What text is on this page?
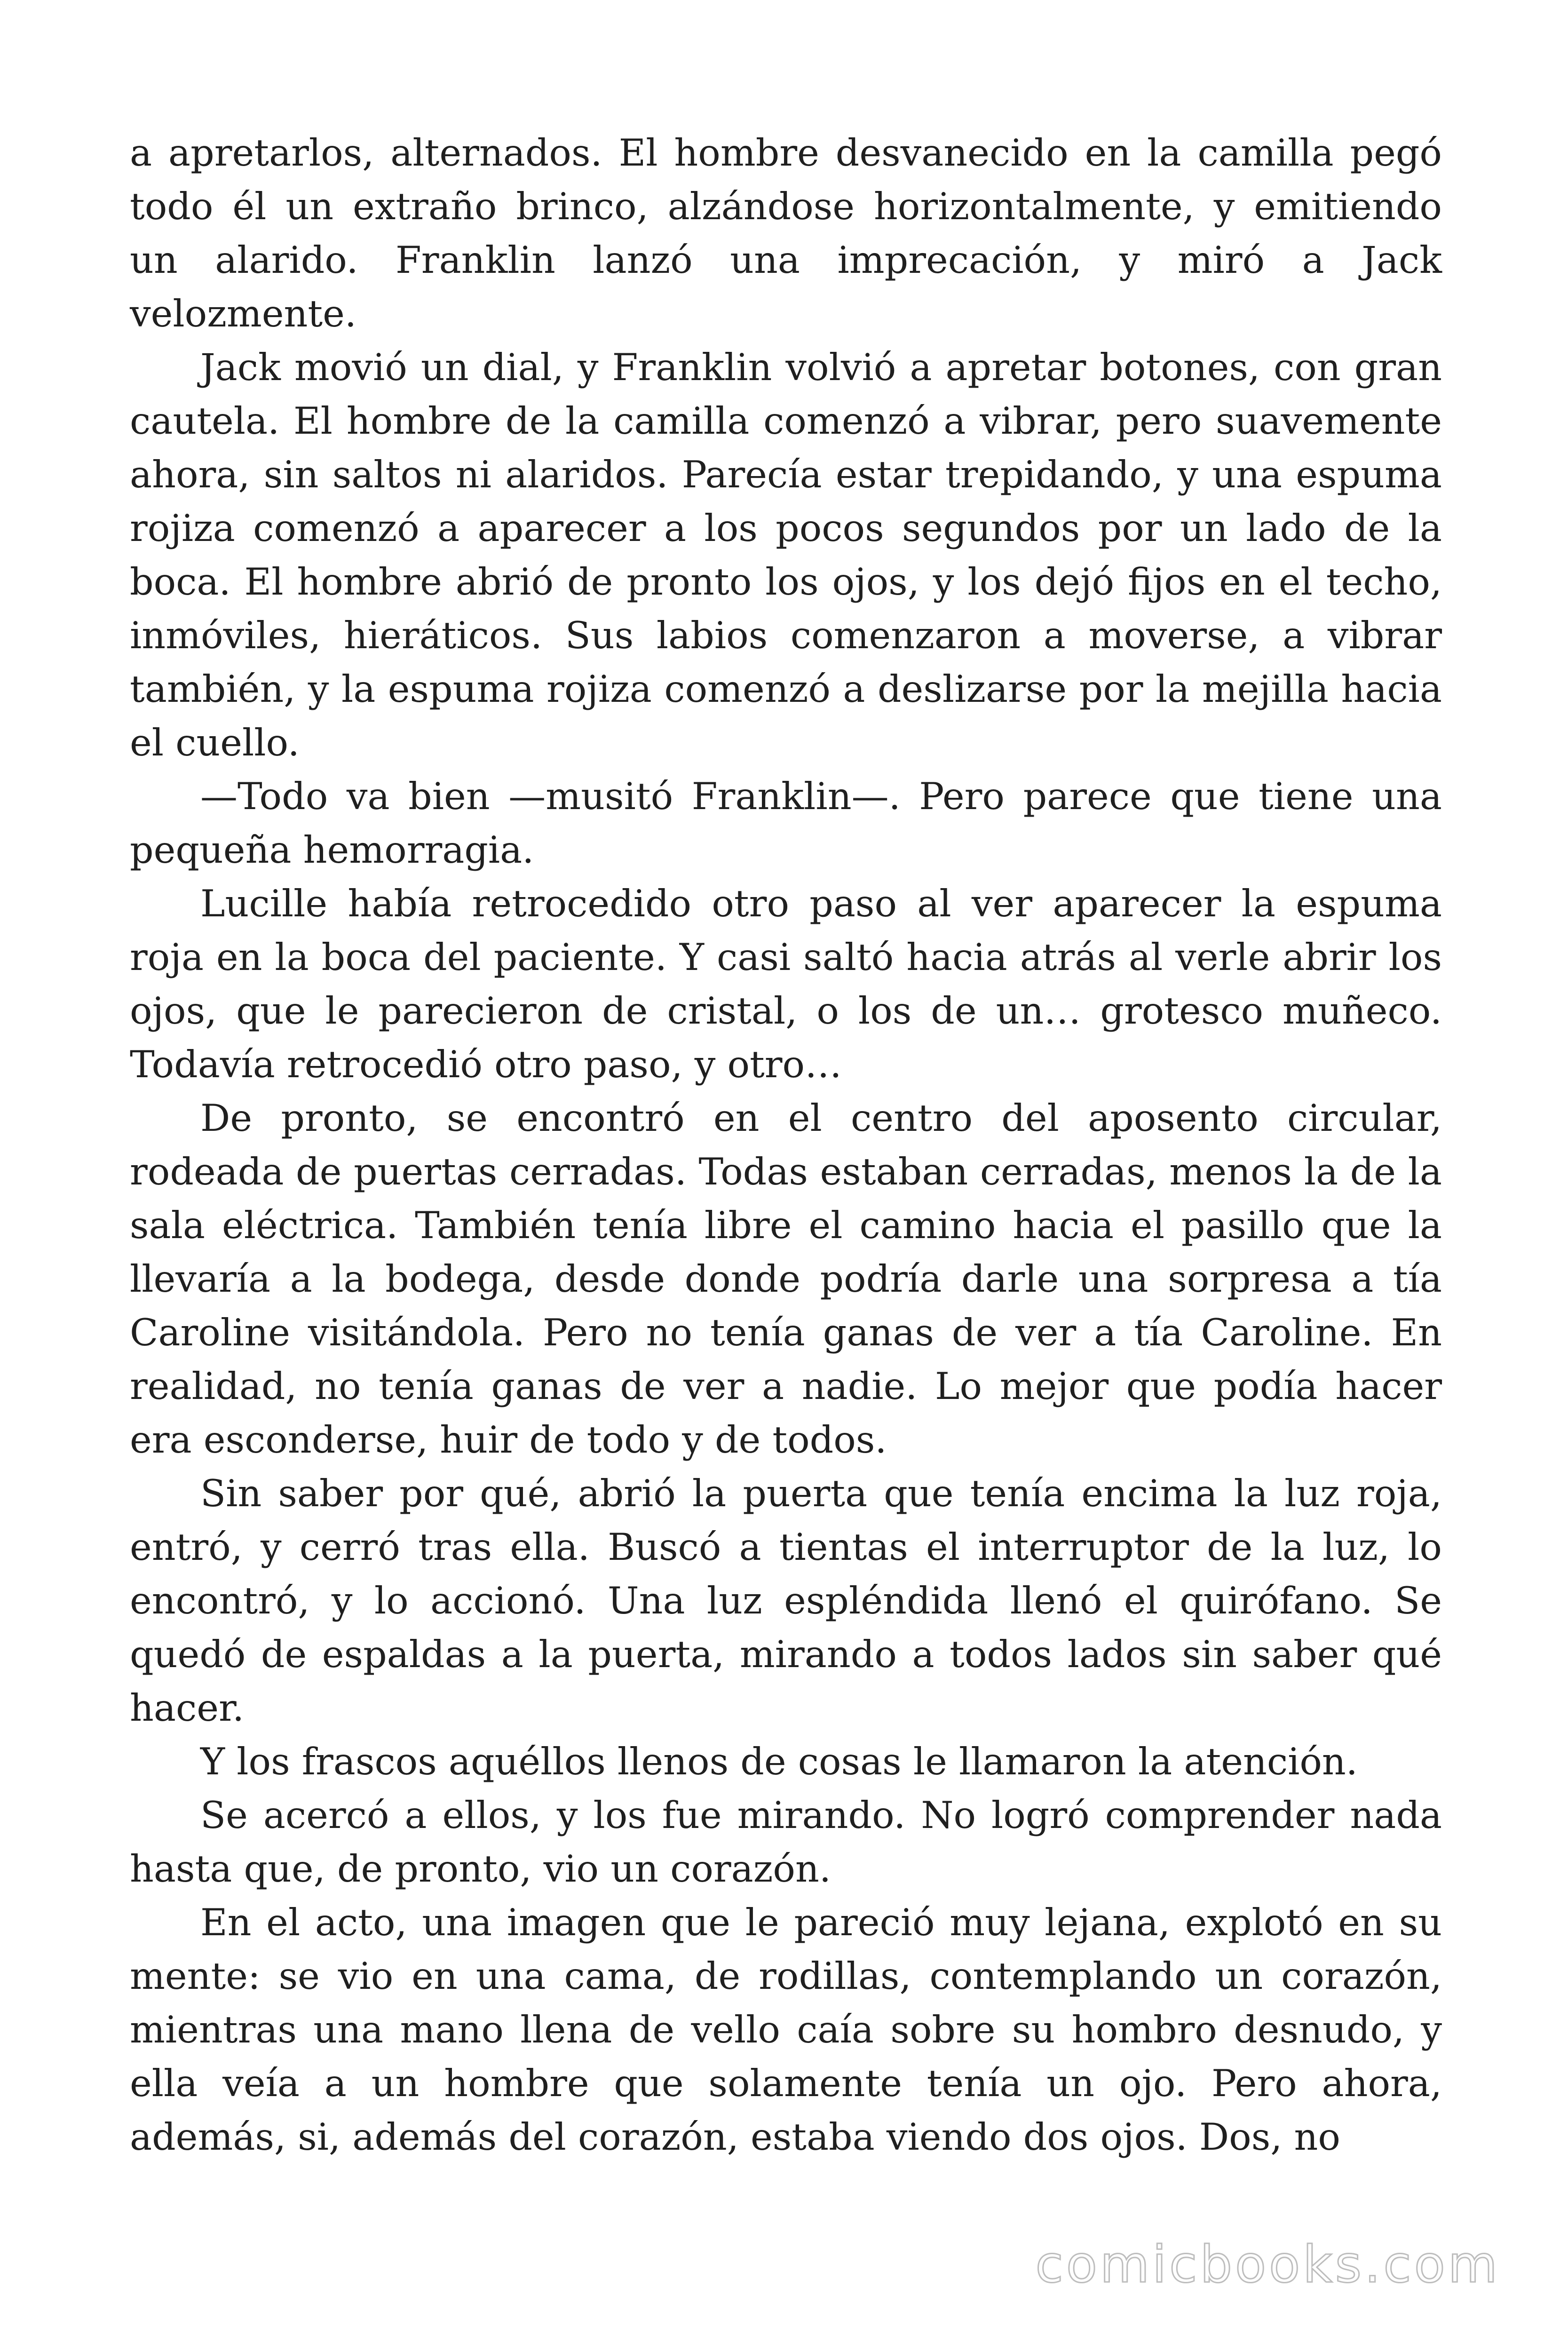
a apretarlos, alternados. El hombre desvanecido en la camilla pegó todo él un extraño brinco, alzándose horizontalmente, y emitiendo un alarido. Franklin lanzó una imprecación, y miró a Jack velozmente.

Jack movió un dial, y Franklin volvió a apretar botones, con gran cautela. El hombre de la camilla comenzó a vibrar, pero suavemente ahora, sin saltos ni alaridos. Parecía estar trepidando, y una espuma rojiza comenzó a aparecer a los pocos segundos por un lado de la boca. El hombre abrió de pronto los ojos, y los dejó fijos en el techo, inmóviles, hieráticos. Sus labios comenzaron a moverse, a vibrar también, y la espuma rojiza comenzó a deslizarse por la mejilla hacia el cuello.

—Todo va bien —musitó Franklin—. Pero parece que tiene una pequeña hemorragia.

Lucille había retrocedido otro paso al ver aparecer la espuma roja en la boca del paciente. Y casi saltó hacia atrás al verle abrir los ojos, que le parecieron de cristal, o los de un… grotesco muñeco. Todavía retrocedió otro paso, y otro…

De pronto, se encontró en el centro del aposento circular, rodeada de puertas cerradas. Todas estaban cerradas, menos la de la sala eléctrica. También tenía libre el camino hacia el pasillo que la llevaría a la bodega, desde donde podría darle una sorpresa a tía Caroline visitándola. Pero no tenía ganas de ver a tía Caroline. En realidad, no tenía ganas de ver a nadie. Lo mejor que podía hacer era esconderse, huir de todo y de todos.

Sin saber por qué, abrió la puerta que tenía encima la luz roja, entró, y cerró tras ella. Buscó a tientas el interruptor de la luz, lo encontró, y lo accionó. Una luz espléndida llenó el quirófano. Se quedó de espaldas a la puerta, mirando a todos lados sin saber qué hacer.

Y los frascos aquéllos llenos de cosas le llamaron la atención.

Se acercó a ellos, y los fue mirando. No logró comprender nada hasta que, de pronto, vio un corazón.

En el acto, una imagen que le pareció muy lejana, explotó en su mente: se vio en una cama, de rodillas, contemplando un corazón, mientras una mano llena de vello caía sobre su hombro desnudo, y ella veía a un hombre que solamente tenía un ojo. Pero ahora, además, si, además del corazón, estaba viendo dos ojos. Dos, no

comicbooks.com
